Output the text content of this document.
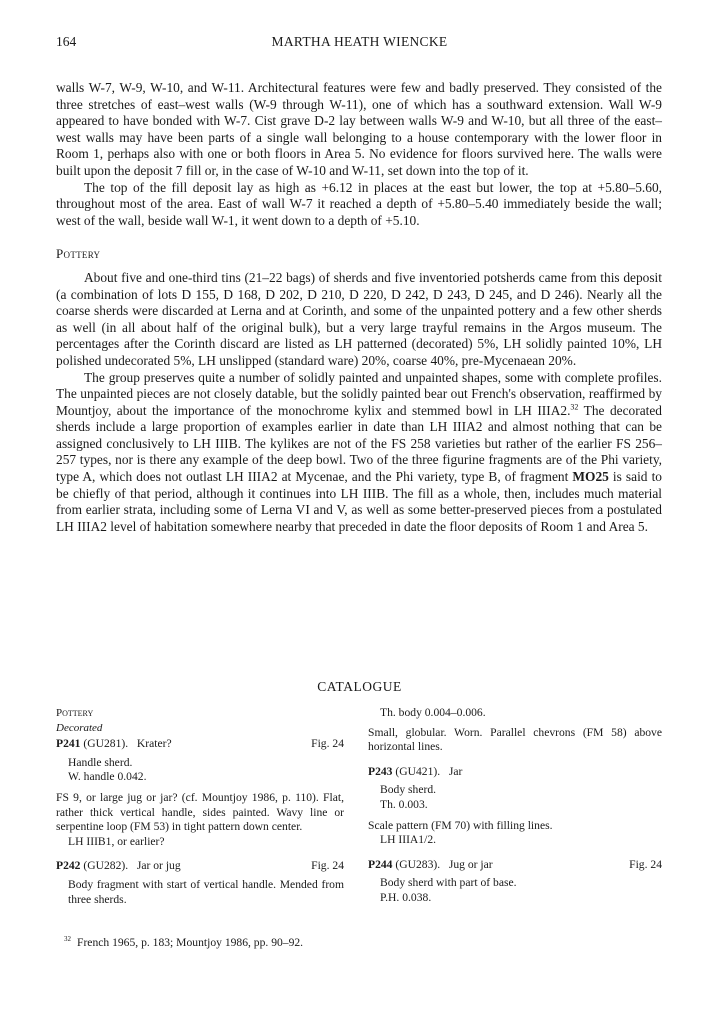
164	MARTHA HEATH WIENCKE

walls W-7, W-9, W-10, and W-11. Architectural features were few and badly preserved. They consisted of the three stretches of east–west walls (W-9 through W-11), one of which has a southward extension. Wall W-9 appeared to have bonded with W-7. Cist grave D-2 lay between walls W-9 and W-10, but all three of the east–west walls may have been parts of a single wall belonging to a house contemporary with the lower floor in Room 1, perhaps also with one or both floors in Area 5. No evidence for floors survived here. The walls were built upon the deposit 7 fill or, in the case of W-10 and W-11, set down into the top of it.

The top of the fill deposit lay as high as +6.12 in places at the east but lower, the top at +5.80–5.60, throughout most of the area. East of wall W-7 it reached a depth of +5.80–5.40 immediately beside the wall; west of the wall, beside wall W-1, it went down to a depth of +5.10.

Pottery

About five and one-third tins (21–22 bags) of sherds and five inventoried potsherds came from this deposit (a combination of lots D 155, D 168, D 202, D 210, D 220, D 242, D 243, D 245, and D 246). Nearly all the coarse sherds were discarded at Lerna and at Corinth, and some of the unpainted pottery and a few other sherds as well (in all about half of the original bulk), but a very large trayful remains in the Argos museum. The percentages after the Corinth discard are listed as LH patterned (decorated) 5%, LH solidly painted 10%, LH polished undecorated 5%, LH unslipped (standard ware) 20%, coarse 40%, pre-Mycenaean 20%.

The group preserves quite a number of solidly painted and unpainted shapes, some with complete profiles. The unpainted pieces are not closely datable, but the solidly painted bear out French's observation, reaffirmed by Mountjoy, about the importance of the monochrome kylix and stemmed bowl in LH IIIA2.32 The decorated sherds include a large proportion of examples earlier in date than LH IIIA2 and almost nothing that can be assigned conclusively to LH IIIB. The kylikes are not of the FS 258 varieties but rather of the earlier FS 256–257 types, nor is there any example of the deep bowl. Two of the three figurine fragments are of the Phi variety, type A, which does not outlast LH IIIA2 at Mycenae, and the Phi variety, type B, of fragment MO25 is said to be chiefly of that period, although it continues into LH IIIB. The fill as a whole, then, includes much material from earlier strata, including some of Lerna VI and V, as well as some better-preserved pieces from a postulated LH IIIA2 level of habitation somewhere nearby that preceded in date the floor deposits of Room 1 and Area 5.

CATALOGUE
Pottery
Decorated
P241 (GU281). Krater?	Fig. 24
Handle sherd.
W. handle 0.042.
FS 9, or large jug or jar? (cf. Mountjoy 1986, p. 110). Flat, rather thick vertical handle, sides painted. Wavy line or serpentine loop (FM 53) in tight pattern down center.
LH IIIB1, or earlier?
P242 (GU282). Jar or jug	Fig. 24
Body fragment with start of vertical handle. Mended from three sherds.
Th. body 0.004–0.006.
Small, globular. Worn. Parallel chevrons (FM 58) above horizontal lines.
P243 (GU421). Jar
Body sherd.
Th. 0.003.
Scale pattern (FM 70) with filling lines.
LH IIIA1/2.
P244 (GU283). Jug or jar	Fig. 24
Body sherd with part of base.
P.H. 0.038.
$^{32}$ French 1965, p. 183; Mountjoy 1986, pp. 90–92.
